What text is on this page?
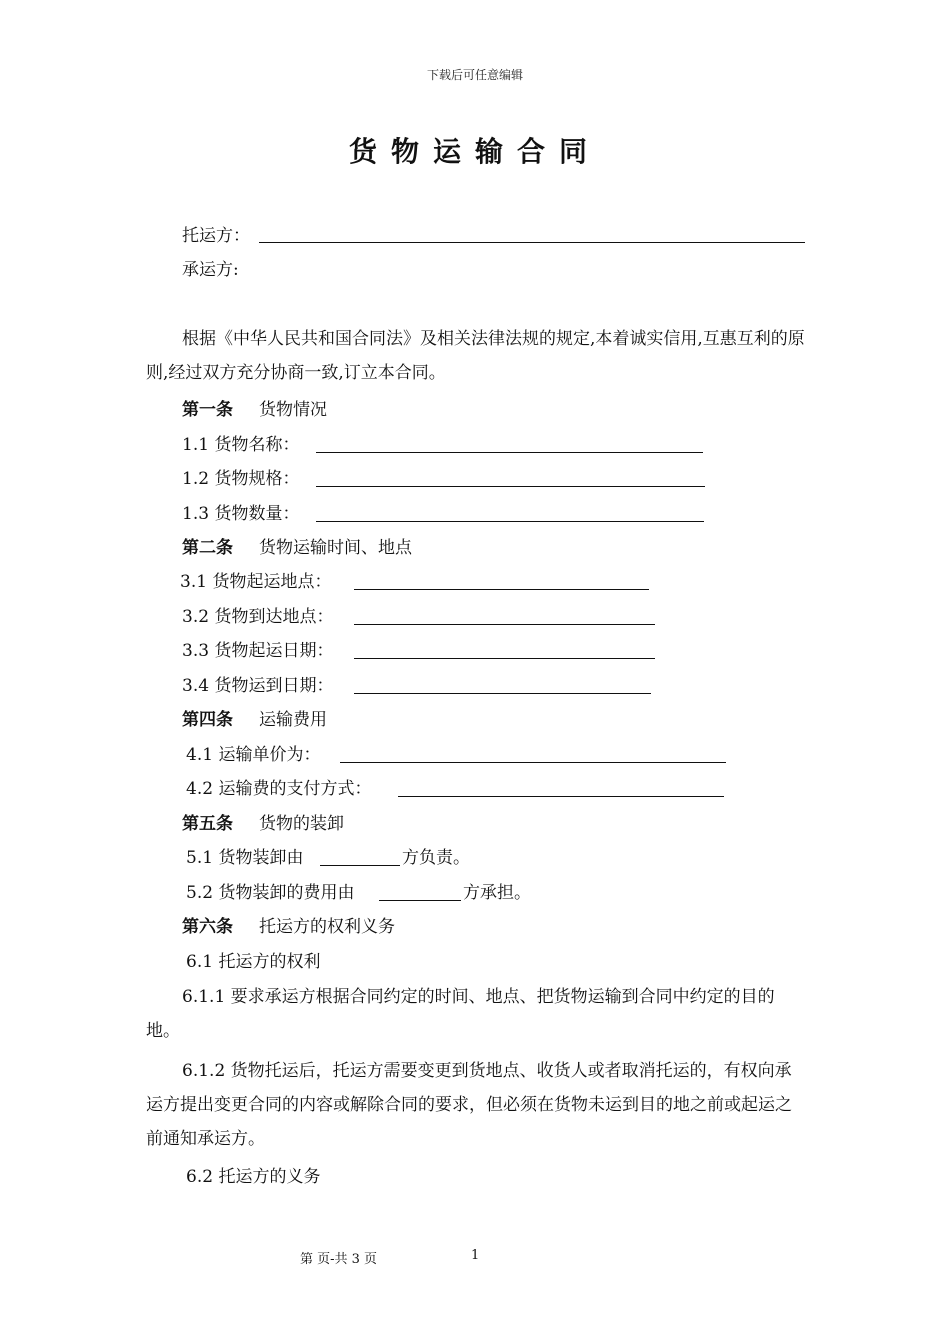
下载后可任意编辑
货物运输合同
托运方：
承运方:
根据《中华人民共和国合同法》及相关法律法规的规定,本着诚实信用,互惠互利的原则,经过双方充分协商一致,订立本合同。
第一条 货物情况
1.1 货物名称：
1.2 货物规格：
1.3 货物数量：
第二条 货物运输时间、地点
3.1 货物起运地点：
3.2 货物到达地点：
3.3 货物起运日期：
3.4 货物运到日期：
第四条 运输费用
4.1 运输单价为：
4.2 运输费的支付方式：
第五条 货物的装卸
5.1 货物装卸由	方负责。
5.2 货物装卸的费用由	方承担。
第六条 托运方的权利义务
6.1 托运方的权利
6.1.1 要求承运方根据合同约定的时间、地点、把货物运输到合同中约定的目的地。
6.1.2 货物托运后，托运方需要变更到货地点、收货人或者取消托运的，有权向承运方提出变更合同的内容或解除合同的要求，但必须在货物未运到目的地之前或起运之前通知承运方。
6.2 托运方的义务
第 页-共 3 页	1
